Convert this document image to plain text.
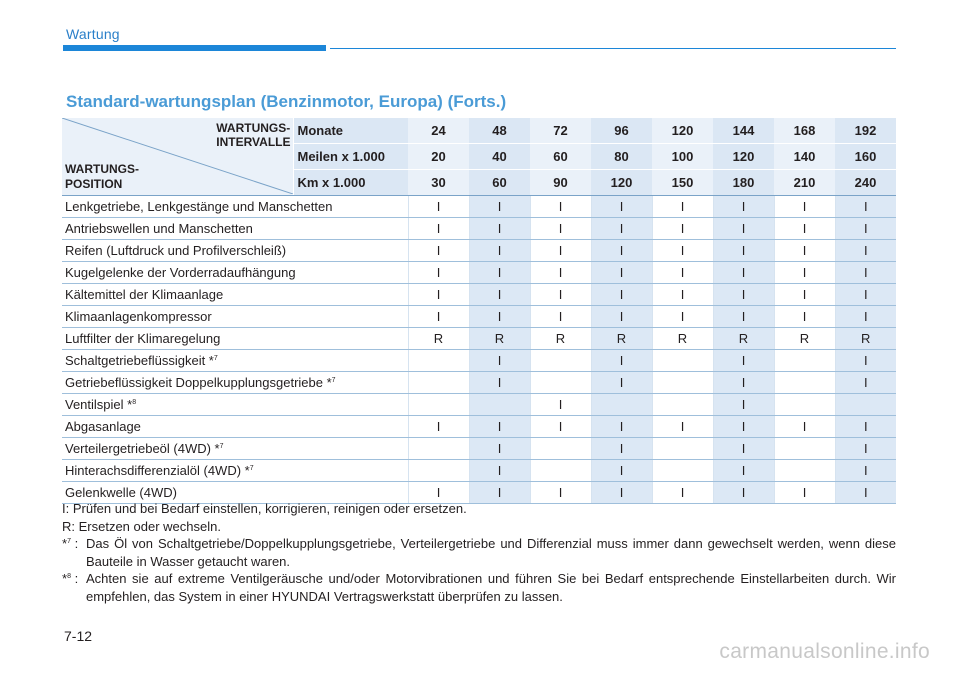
Wartung
Standard-wartungsplan (Benzinmotor, Europa) (Forts.)
WARTUNGS-
INTERVALLE
WARTUNGS-
POSITION	Monate	24	48	72	96	120	144	168	192
	Meilen x 1.000	20	40	60	80	100	120	140	160
	Km x 1.000	30	60	90	120	150	180	210	240
Lenkgetriebe, Lenkgestänge und Manschetten		I	I	I	I	I	I	I	I
Antriebswellen und Manschetten		I	I	I	I	I	I	I	I
Reifen (Luftdruck und Profilverschleiß)		I	I	I	I	I	I	I	I
Kugelgelenke der Vorderradaufhängung		I	I	I	I	I	I	I	I
Kältemittel der Klimaanlage		I	I	I	I	I	I	I	I
Klimaanlagenkompressor		I	I	I	I	I	I	I	I
Luftfilter der Klimaregelung		R	R	R	R	R	R	R	R
Schaltgetriebeflüssigkeit *$^7$			I		I		I		I
Getriebeflüssigkeit Doppelkupplungsgetriebe *$^7$			I		I		I		I
Ventilspiel *$^8$				I			I		
Abgasanlage		I	I	I	I	I	I	I	I
Verteilergetriebeöl (4WD) *$^7$			I		I		I		I
Hinterachsdifferenzialöl (4WD) *$^7$			I		I		I		I
Gelenkwelle (4WD)		I	I	I	I	I	I	I	I

I: Prüfen und bei Bedarf einstellen, korrigieren, reinigen oder ersetzen.

R: Ersetzen oder wechseln.

*$^7$ : Das Öl von Schaltgetriebe/Doppelkupplungsgetriebe, Verteilergetriebe und Differenzial muss immer dann gewechselt werden, wenn diese Bauteile in Wasser getaucht waren.
*$^8$ : Achten sie auf extreme Ventilgeräusche und/oder Motorvibrationen und führen Sie bei Bedarf entsprechende Einstellarbeiten durch. Wir empfehlen, das System in einer HYUNDAI Vertragswerkstatt überprüfen zu lassen.
7-12
carmanualsonline.info
